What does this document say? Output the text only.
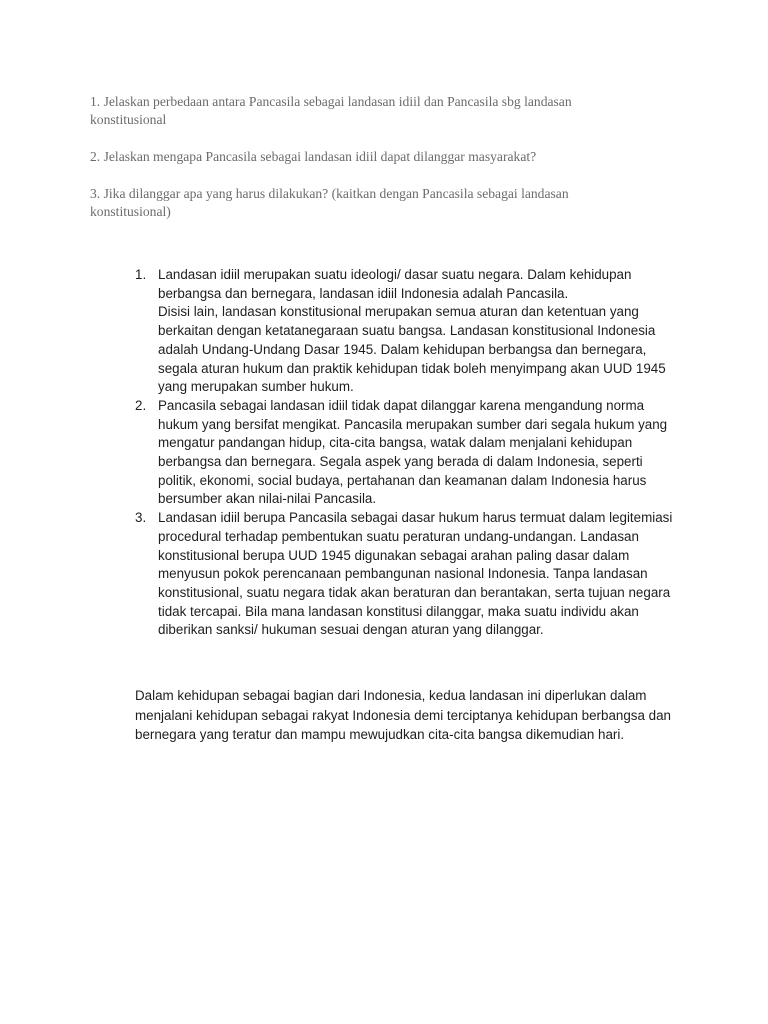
1. Jelaskan perbedaan antara Pancasila sebagai landasan idiil dan Pancasila sbg landasan konstitusional

2. Jelaskan mengapa Pancasila sebagai landasan idiil dapat dilanggar masyarakat?

3. Jika dilanggar apa yang harus dilakukan? (kaitkan dengan Pancasila sebagai landasan konstitusional)

1. Landasan idiil merupakan suatu ideologi/ dasar suatu negara. Dalam kehidupan berbangsa dan bernegara, landasan idiil Indonesia adalah Pancasila.
Disisi lain, landasan konstitusional merupakan semua aturan dan ketentuan yang berkaitan dengan ketatanegaraan suatu bangsa. Landasan konstitusional Indonesia adalah Undang-Undang Dasar 1945. Dalam kehidupan berbangsa dan bernegara, segala aturan hukum dan praktik kehidupan tidak boleh menyimpang akan UUD 1945 yang merupakan sumber hukum.
2. Pancasila sebagai landasan idiil tidak dapat dilanggar karena mengandung norma hukum yang bersifat mengikat. Pancasila merupakan sumber dari segala hukum yang mengatur pandangan hidup, cita-cita bangsa, watak dalam menjalani kehidupan berbangsa dan bernegara. Segala aspek yang berada di dalam Indonesia, seperti politik, ekonomi, social budaya, pertahanan dan keamanan dalam Indonesia harus bersumber akan nilai-nilai Pancasila.
3. Landasan idiil berupa Pancasila sebagai dasar hukum harus termuat dalam legitemiasi procedural terhadap pembentukan suatu peraturan undang-undangan. Landasan konstitusional berupa UUD 1945 digunakan sebagai arahan paling dasar dalam menyusun pokok perencanaan pembangunan nasional Indonesia. Tanpa landasan konstitusional, suatu negara tidak akan beraturan dan berantakan, serta tujuan negara tidak tercapai. Bila mana landasan konstitusi dilanggar, maka suatu individu akan diberikan sanksi/ hukuman sesuai dengan aturan yang dilanggar.

Dalam kehidupan sebagai bagian dari Indonesia, kedua landasan ini diperlukan dalam menjalani kehidupan sebagai rakyat Indonesia demi terciptanya kehidupan berbangsa dan bernegara yang teratur dan mampu mewujudkan cita-cita bangsa dikemudian hari.
